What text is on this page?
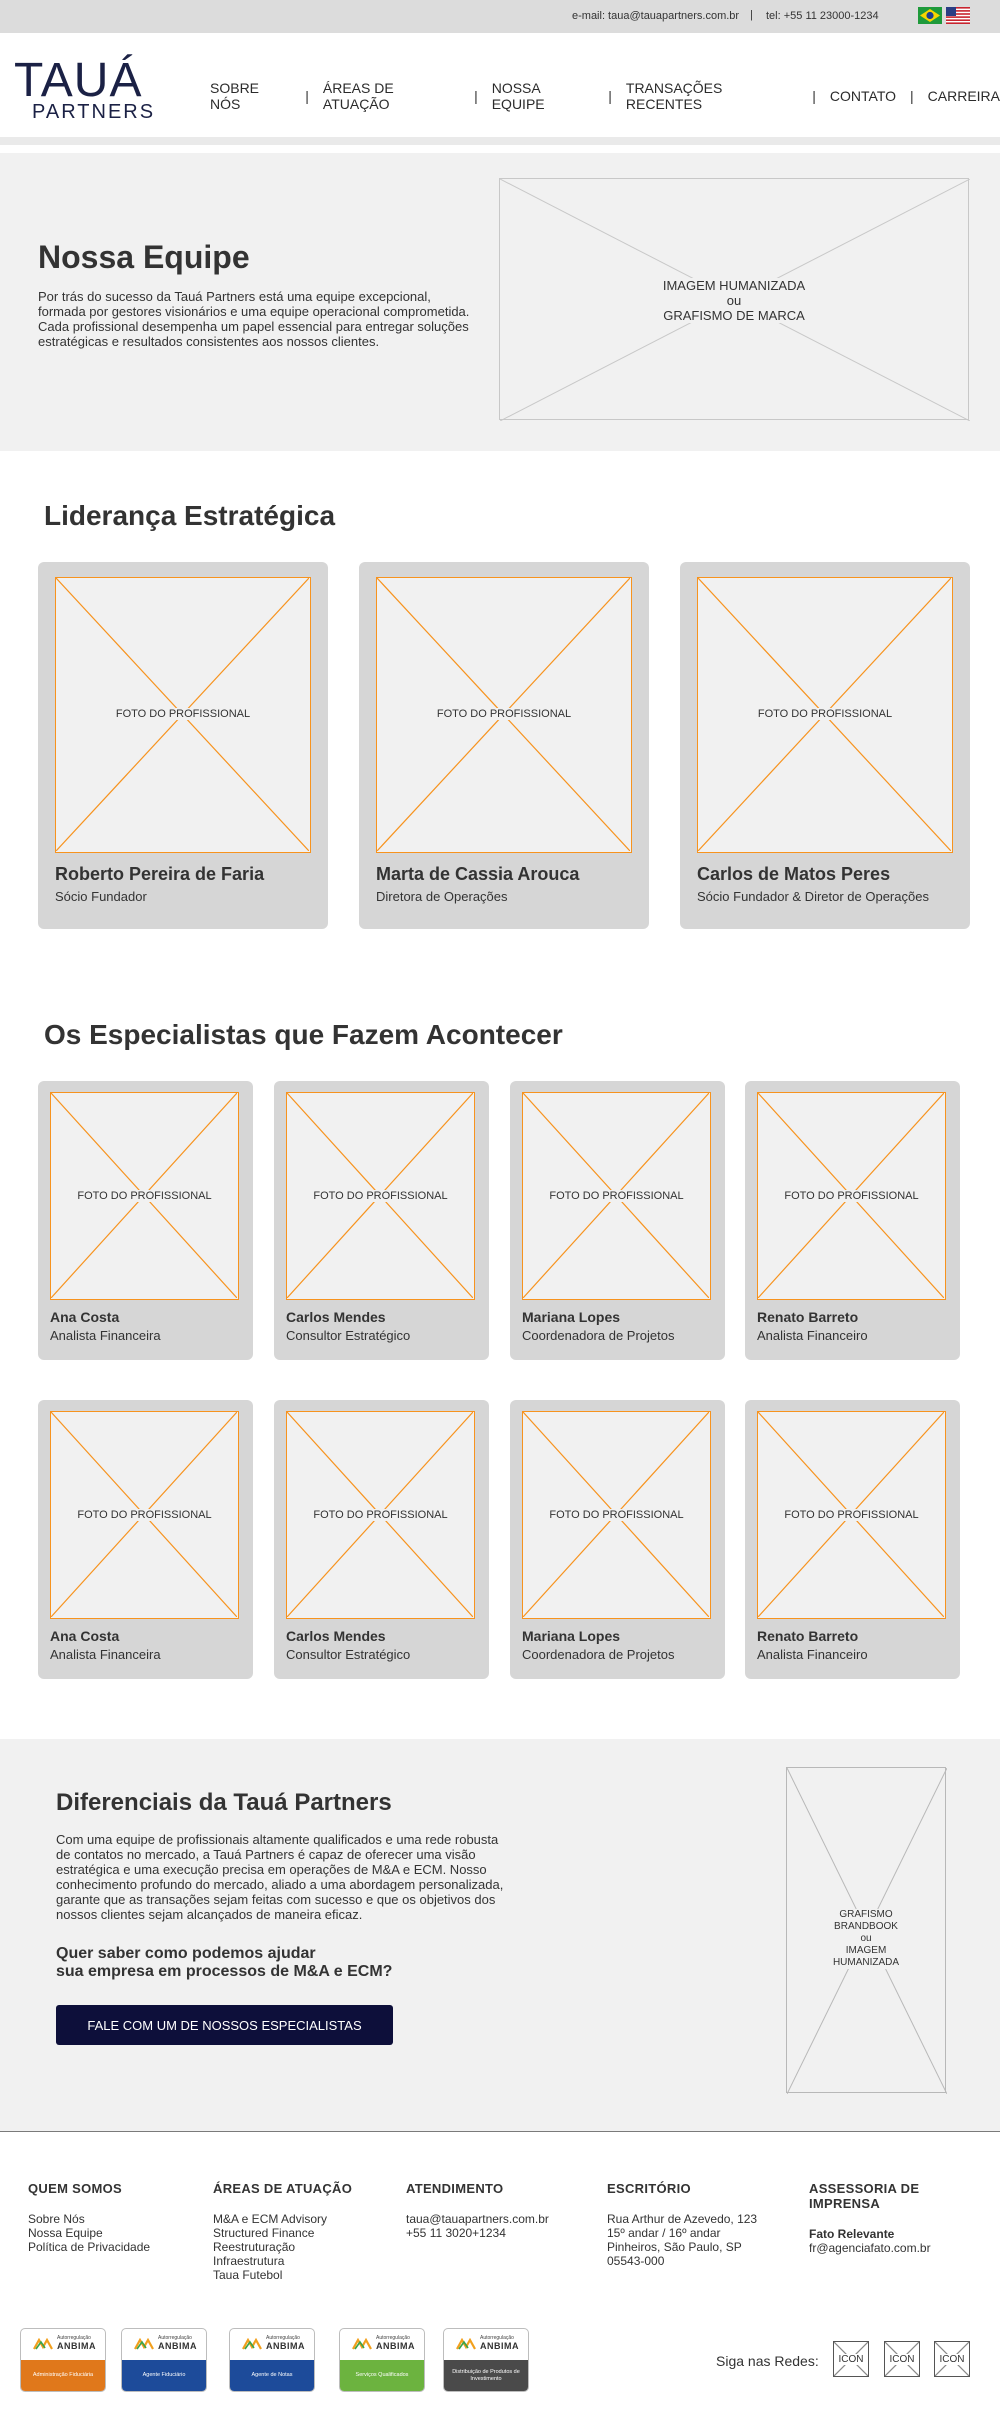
e-mail: taua@tauapartners.com.br | tel: +55 11 23000-1234
TAUÁ
PARTNERS
SOBRE NÓS	| ÁREAS DE ATUAÇÃO	| NOSSA EQUIPE	| TRANSAÇÕES RECENTES	| CONTATO | CARREIRA
Nossa Equipe

Por trás do sucesso da Tauá Partners está uma equipe excepcional, formada por gestores visionários e uma equipe operacional comprometida. Cada profissional desempenha um papel essencial para entregar soluções estratégicas e resultados consistentes aos nossos clientes.

IMAGEM HUMANIZADA
ou
GRAFISMO DE MARCA
Liderança Estratégica
FOTO DO PROFISSIONAL
Roberto Pereira de Faria
Sócio Fundador
FOTO DO PROFISSIONAL
Marta de Cassia Arouca
Diretora de Operações
FOTO DO PROFISSIONAL
Carlos de Matos Peres
Sócio Fundador & Diretor de Operações
Os Especialistas que Fazem Acontecer
FOTO DO PROFISSIONAL
Ana Costa
Analista Financeira
FOTO DO PROFISSIONAL
Carlos Mendes
Consultor Estratégico
FOTO DO PROFISSIONAL
Mariana Lopes
Coordenadora de Projetos
FOTO DO PROFISSIONAL
Renato Barreto
Analista Financeiro
FOTO DO PROFISSIONAL
Ana Costa
Analista Financeira
FOTO DO PROFISSIONAL
Carlos Mendes
Consultor Estratégico
FOTO DO PROFISSIONAL
Mariana Lopes
Coordenadora de Projetos
FOTO DO PROFISSIONAL
Renato Barreto
Analista Financeiro
Diferenciais da Tauá Partners

Com uma equipe de profissionais altamente qualificados e uma rede robusta de contatos no mercado, a Tauá Partners é capaz de oferecer uma visão estratégica e uma execução precisa em operações de M&A e ECM. Nosso conhecimento profundo do mercado, aliado a uma abordagem personalizada, garante que as transações sejam feitas com sucesso e que os objetivos dos nossos clientes sejam alcançados de maneira eficaz.

Quer saber como podemos ajudar
sua empresa em processos de M&A e ECM?
FALE COM UM DE NOSSOS ESPECIALISTAS
GRAFISMO
BRANDBOOK
ou
IMAGEM HUMANIZADA
QUEM SOMOS
Sobre Nós
Nossa Equipe
Política de Privacidade
ÁREAS DE ATUAÇÃO
M&A e ECM Advisory
Structured Finance
Reestruturação
Infraestrutura
Taua Futebol
ATENDIMENTO
taua@tauapartners.com.br
+55 11 3020+1234
ESCRITÓRIO
Rua Arthur de Azevedo, 123
15º andar / 16º andar
Pinheiros, São Paulo, SP
05543-000
ASSESSORIA DE
IMPRENSA
Fato Relevante
fr@agenciafato.com.br
Autorregulação
ANBIMA
Administração Fiduciária
Autorregulação
ANBIMA
Agente Fiduciário
Autorregulação
ANBIMA
Agente de Notas
Autorregulação
ANBIMA
Serviços Qualificados
Autorregulação
ANBIMA
Distribuição de Produtos de Investimento
Siga nas Redes:	ICON	ICON	ICON
